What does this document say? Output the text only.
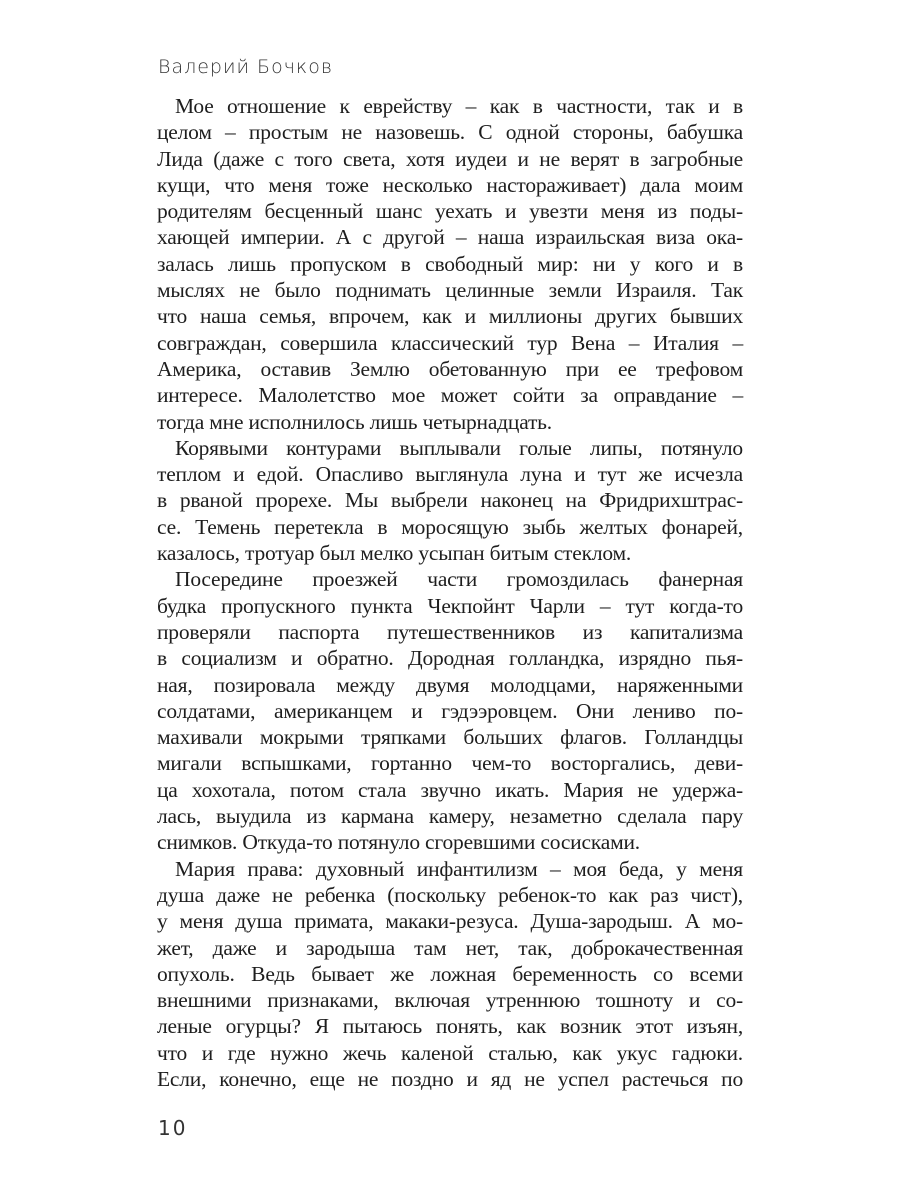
Валерий Бочков
Мое отношение к еврейству – как в частности, так и в
целом – простым не назовешь. С одной стороны, бабушка
Лида (даже с того света, хотя иудеи и не верят в загробные
кущи, что меня тоже несколько настораживает) дала моим
родителям бесценный шанс уехать и увезти меня из поды-
хающей империи. А с другой – наша израильская виза ока-
залась лишь пропуском в свободный мир: ни у кого и в
мыслях не было поднимать целинные земли Израиля. Так
что наша семья, впрочем, как и миллионы других бывших
совграждан, совершила классический тур Вена – Италия –
Америка, оставив Землю обетованную при ее трефовом
интересе. Малолетство мое может сойти за оправдание –
тогда мне исполнилось лишь четырнадцать.
Корявыми контурами выплывали голые липы, потянуло
теплом и едой. Опасливо выглянула луна и тут же исчезла
в рваной прорехе. Мы выбрели наконец на Фридрихштрас-
се. Темень перетекла в моросящую зыбь желтых фонарей,
казалось, тротуар был мелко усыпан битым стеклом.
Посередине проезжей части громоздилась фанерная
будка пропускного пункта Чекпойнт Чарли – тут когда-то
проверяли паспорта путешественников из капитализма
в социализм и обратно. Дородная голландка, изрядно пья-
ная, позировала между двумя молодцами, наряженными
солдатами, американцем и гэдээровцем. Они лениво по-
махивали мокрыми тряпками больших флагов. Голландцы
мигали вспышками, гортанно чем-то восторгались, деви-
ца хохотала, потом стала звучно икать. Мария не удержа-
лась, выудила из кармана камеру, незаметно сделала пару
снимков. Откуда-то потянуло сгоревшими сосисками.
Мария права: духовный инфантилизм – моя беда, у меня
душа даже не ребенка (поскольку ребенок-то как раз чист),
у меня душа примата, макаки-резуса. Душа-зародыш. А мо-
жет, даже и зародыша там нет, так, доброкачественная
опухоль. Ведь бывает же ложная беременность со всеми
внешними признаками, включая утреннюю тошноту и со-
леные огурцы? Я пытаюсь понять, как возник этот изъян,
что и где нужно жечь каленой сталью, как укус гадюки.
Если, конечно, еще не поздно и яд не успел растечься по
10
